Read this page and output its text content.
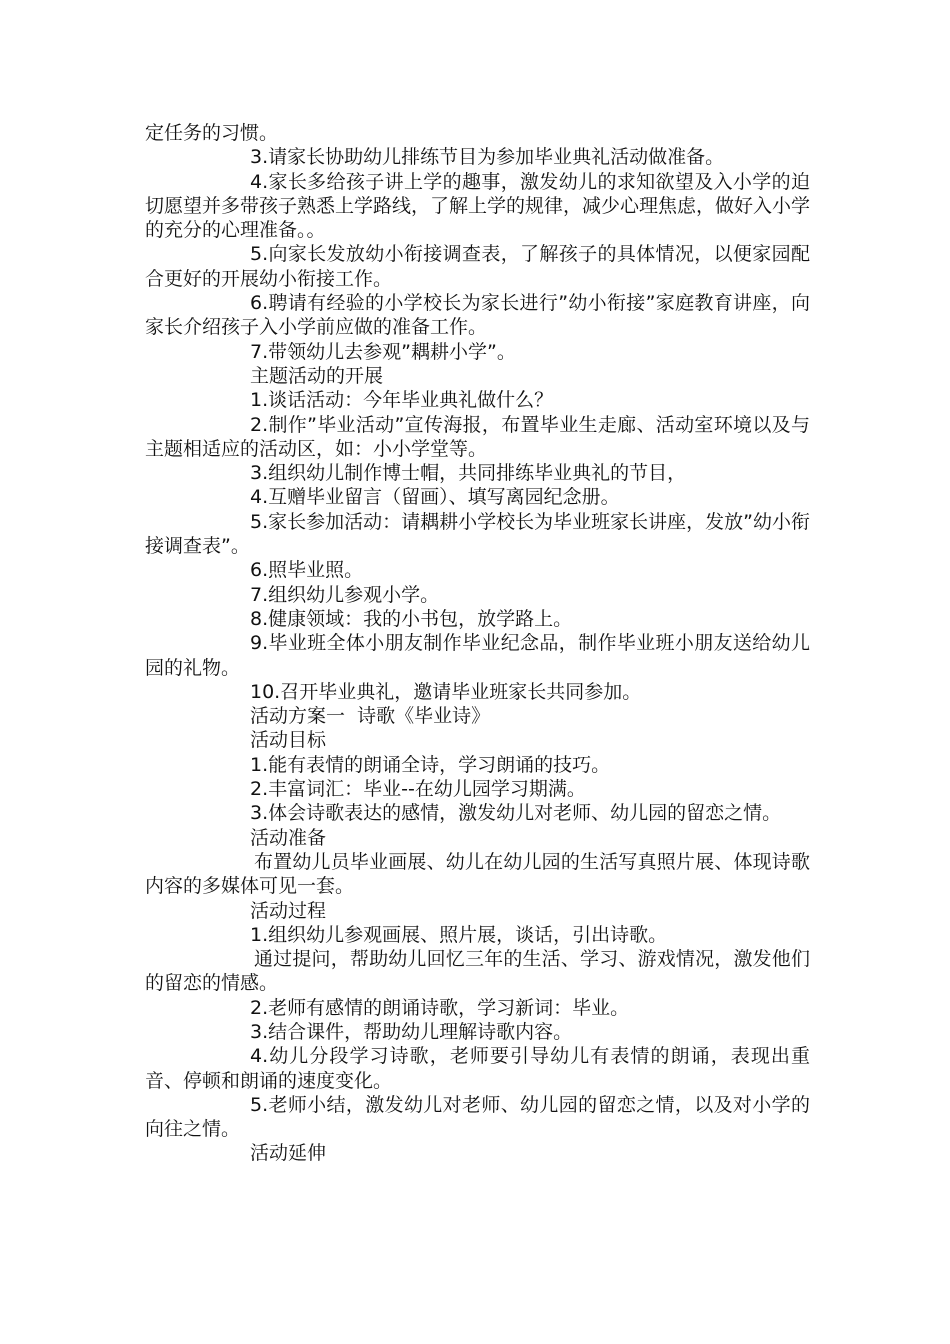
定任务的习惯。

3.请家长协助幼儿排练节目为参加毕业典礼活动做准备。

4.家长多给孩子讲上学的趣事，激发幼儿的求知欲望及入小学的迫切愿望并多带孩子熟悉上学路线，了解上学的规律，减少心理焦虑，做好入小学的充分的心理准备。。

5.向家长发放幼小衔接调查表，了解孩子的具体情况，以便家园配合更好的开展幼小衔接工作。

6.聘请有经验的小学校长为家长进行”幼小衔接”家庭教育讲座，向家长介绍孩子入小学前应做的准备工作。

7.带领幼儿去参观”耦耕小学”。

主题活动的开展

1.谈话活动：今年毕业典礼做什么？

2.制作”毕业活动”宣传海报，布置毕业生走廊、活动室环境以及与主题相适应的活动区，如：小小学堂等。

3.组织幼儿制作博士帽，共同排练毕业典礼的节目，

4.互赠毕业留言（留画）、填写离园纪念册。

5.家长参加活动：请耦耕小学校长为毕业班家长讲座，发放”幼小衔接调查表”。

6.照毕业照。

7.组织幼儿参观小学。

8.健康领域：我的小书包，放学路上。

9.毕业班全体小朋友制作毕业纪念品，制作毕业班小朋友送给幼儿园的礼物。

10.召开毕业典礼，邀请毕业班家长共同参加。

活动方案一  诗歌《毕业诗》

活动目标

1.能有表情的朗诵全诗，学习朗诵的技巧。

2.丰富词汇：毕业--在幼儿园学习期满。

3.体会诗歌表达的感情，激发幼儿对老师、幼儿园的留恋之情。

活动准备

布置幼儿员毕业画展、幼儿在幼儿园的生活写真照片展、体现诗歌内容的多媒体可见一套。

活动过程

1.组织幼儿参观画展、照片展，谈话，引出诗歌。

通过提问，帮助幼儿回忆三年的生活、学习、游戏情况，激发他们的留恋的情感。

2.老师有感情的朗诵诗歌，学习新词：毕业。

3.结合课件，帮助幼儿理解诗歌内容。

4.幼儿分段学习诗歌，老师要引导幼儿有表情的朗诵，表现出重音、停顿和朗诵的速度变化。

5.老师小结，激发幼儿对老师、幼儿园的留恋之情，以及对小学的向往之情。

活动延伸
